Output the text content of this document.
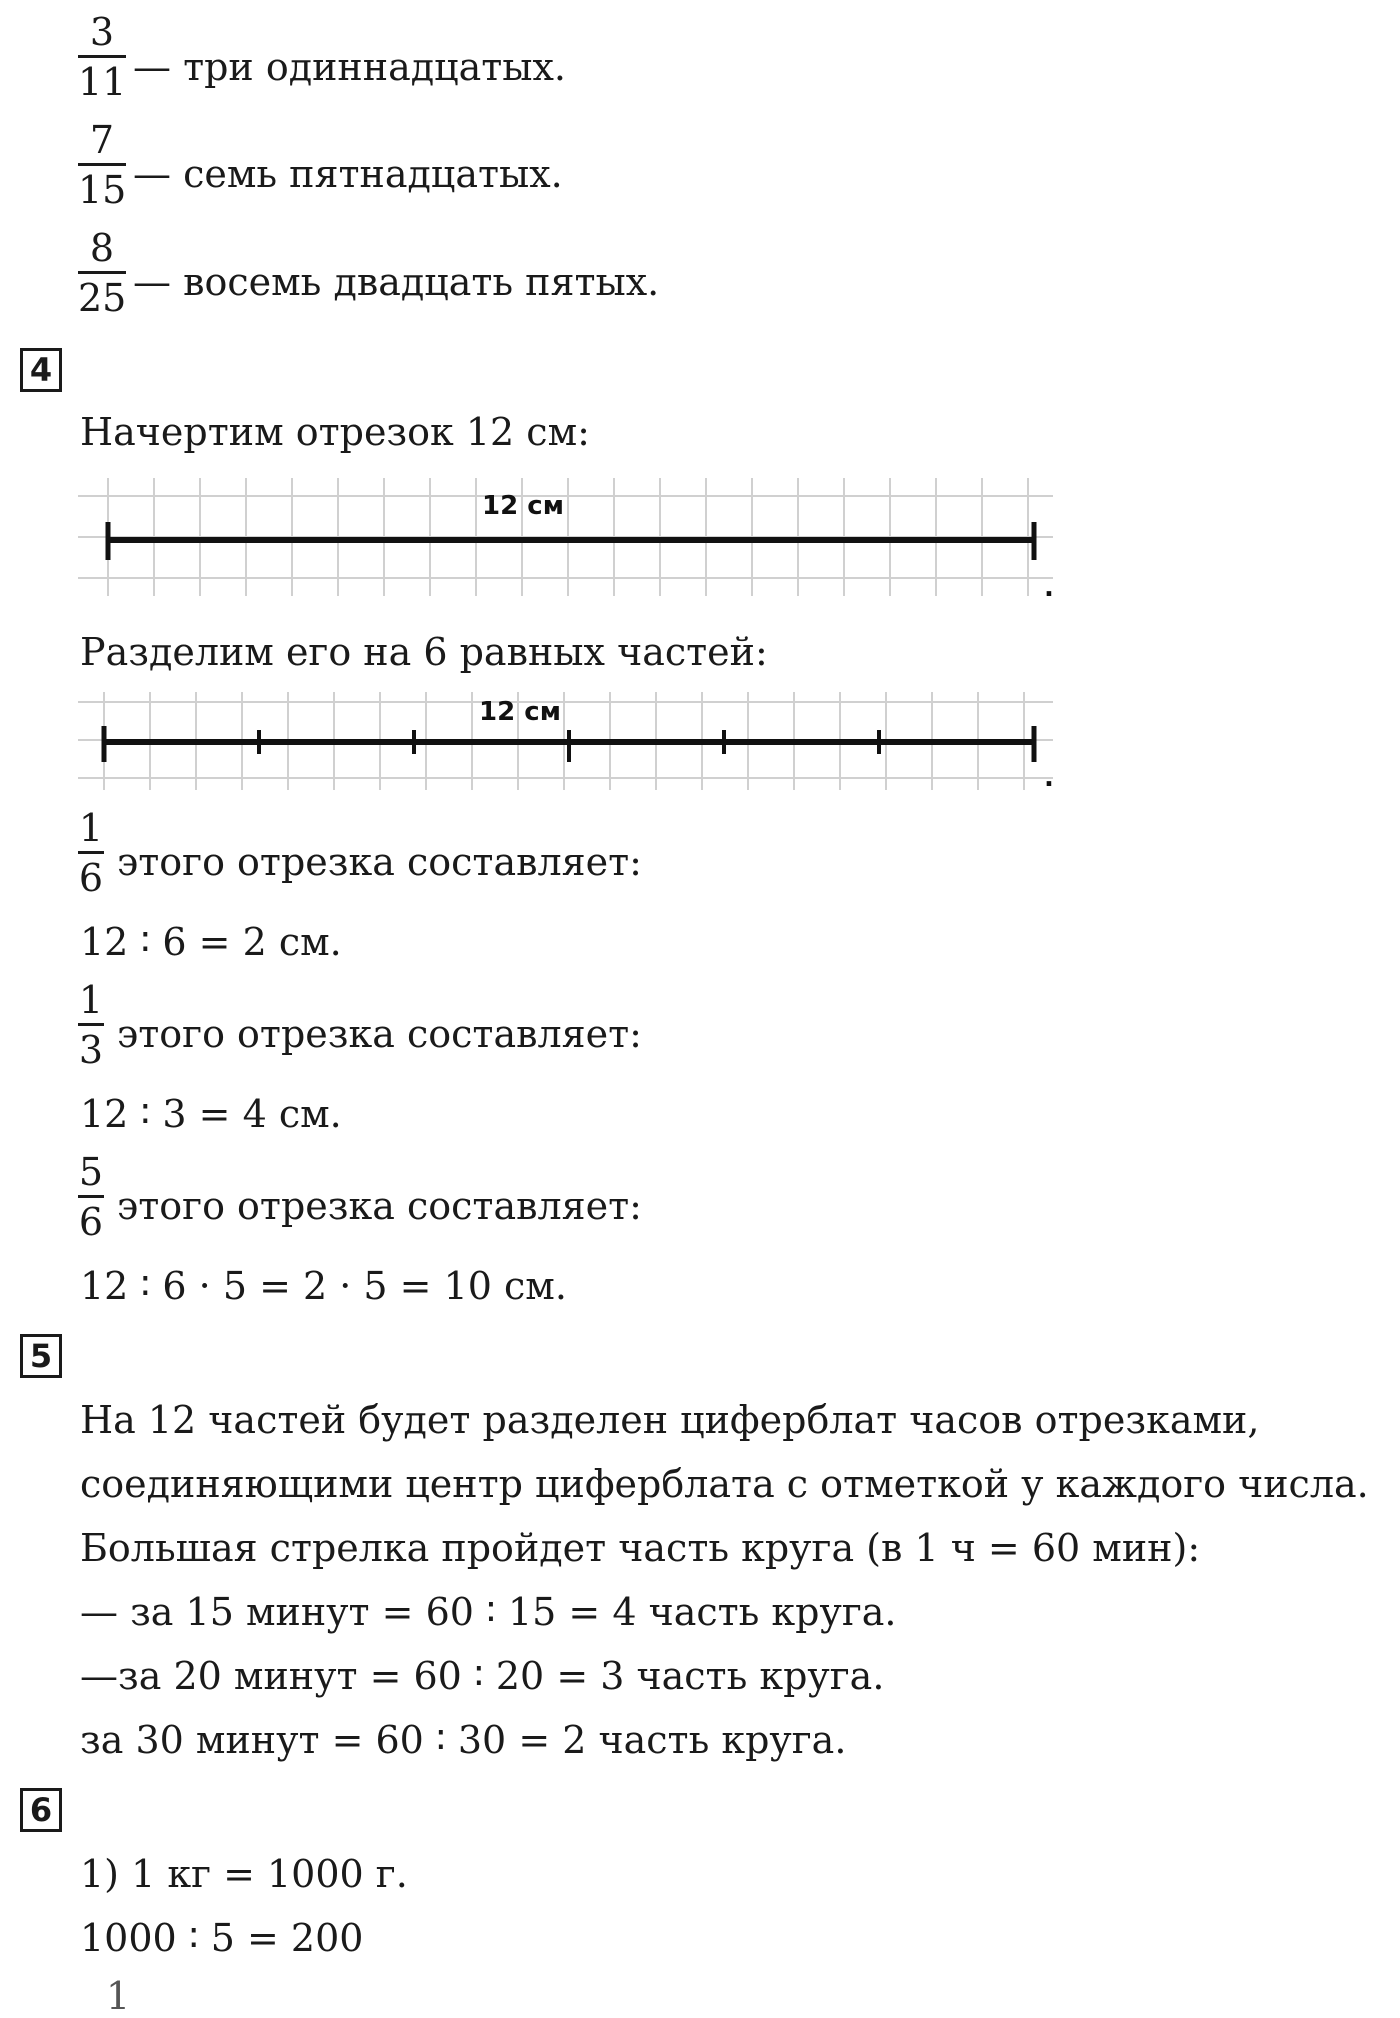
3
11 — три одиннадцатых.
7
15 — семь пятнадцатых.
8
25 — восемь двадцать пятых.
4
Начертим отрезок 12 см:
12 см
.
Разделим его на 6 равных частей:
12 см
.
1
6 этого отрезка составляет:
12 ∶ 6 = 2 см.
1
3 этого отрезка составляет:
12 ∶ 3 = 4 см.
5
6 этого отрезка составляет:
12 ∶ 6 · 5 = 2 · 5 = 10 см.
5
На 12 частей будет разделен циферблат часов отрезками,
соединяющими центр циферблата с отметкой у каждого числа.
Большая стрелка пройдет часть круга (в 1 ч = 60 мин):
— за 15 минут = 60 ∶ 15 = 4 часть круга.
—за 20 минут = 60 ∶ 20 = 3 часть круга.
за 30 минут = 60 ∶ 30 = 2 часть круга.
6
1) 1 кг = 1000 г.
1000 ∶ 5 = 200
1
